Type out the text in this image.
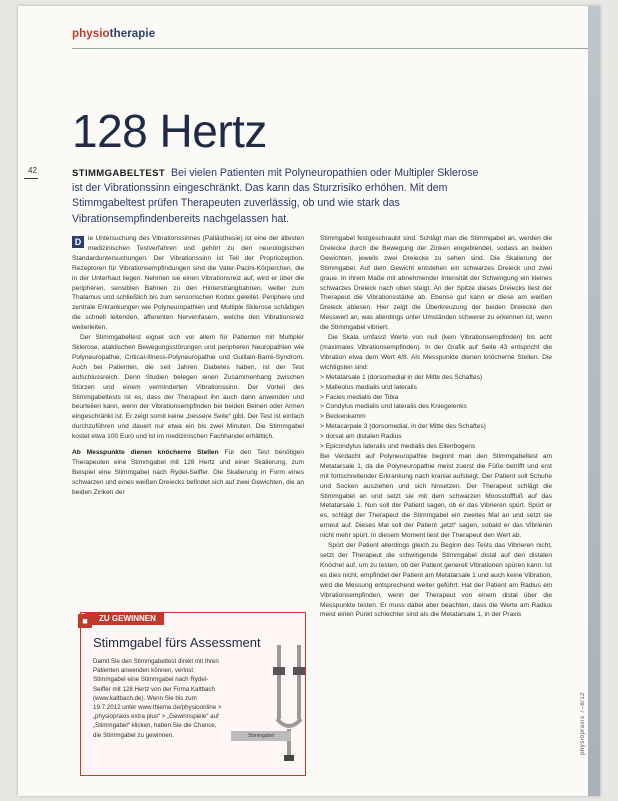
physiotherapie
42
128 Hertz
STIMMGABELTEST Bei vielen Patienten mit Polyneuropathien oder Multipler Sklerose ist der Vibrationssinn eingeschränkt. Das kann das Sturzrisiko erhöhen. Mit dem Stimmgabeltest prüfen Therapeuten zuverlässig, ob und wie stark das Vibrationsempfindenbereits nachgelassen hat.

D	ie Untersuchung des Vibrationssinnes (Pallästhesie) ist eine der ältesten medizinischen Testverfahren und gehört zu den neurologischen Standarduntersuchungen. Der Vibrationssinn ist Teil der Propriozeption. Rezeptoren für Vibrationsempfindungen sind die Vater-Pacini-Körperchen, die in der Unterhaut liegen. Nehmen sie einen Vibrationsreiz auf, wird er über die peripheren, sensiblen Bahnen zu den Hinterstrangbahnen, weiter zum Thalamus und schließlich bis zum sensorischen Kortex geleitet. Periphere und zentrale Erkrankungen wie Polyneuropathien und Multiple Sklerose schädigen die schnell leitenden, afferenten Nervenfasern, welche den Vibrationsreiz weiterleiten.

Der Stimmgabeltest eignet sich vor allem für Patienten mit Multipler Sklerose, ataktischen Bewegungsstörungen und peripheren Neuropathien wie Polyneuropathie, Critical-Illness-Polyneuropathie und Guillain-Barré-Syndrom. Auch bei Patienten, die seit Jahren Diabetes haben, ist der Test aufschlussreich. Denn Studien belegen einen Zusammenhang zwischen Stürzen und einem verminderten Vibrationssinn. Der Vorteil des Stimmgabeltests ist es, dass der Therapeut ihn auch dann anwenden und beurteilen kann, wenn der Vibrationsempfinden bei beiden Beinen oder Armen eingeschränkt ist. Er zeigt somit keine „bessere Seite“ gibt. Der Test ist einfach durchzuführen und dauert nur etwa ein bis zwei Minuten. Die Stimmgabel kostet etwa 100 Euro und ist im medizinischen Fachhandel erhältlich.

Ab Messpunkte dienen knöcherne Stellen Für den Test benötigen Therapeuten eine Stimmgabel mit 128 Hertz und einer Skalierung, zum Beispiel eine Stimmgabel nach Rydel-Seiffer. Die Skalierung in Form eines schwarzen und eines weißen Dreiecks befindet sich auf zwei Gewichten, die an beiden Zinken der

Stimmgabel festgeschraubt sind. Schlägt man die Stimmgabel an, werden die Dreiecke durch die Bewegung der Zinken eingeblendet, sodass an beiden Gewichten, jeweils zwei Dreiecke zu sehen sind. Die Skalierung der Stimmgabel. Auf dem Gewicht entstehen ein schwarzes Dreieck und zwei graue. In ihrem Maße mit abnehmender Intensität der Schwingung ein kleines schwarzes Dreieck nach oben steigt. An der Spitze dieses Dreiecks liest der Therapeut die Vibrationsstärke ab. Ebenso gut kann er diese am weißen Dreieck ablesen. Hier zeigt die Überkreuzung der beiden Dreiecke den Messwert an, was allerdings unter Umständen schwerer zu erkennen ist, wenn die Stimmgabel vibriert.

Die Skala umfasst Werte von null (kein Vibrationsempfinden) bis acht (maximales Vibrationsempfinden). In der Grafik auf Seite 43 entspricht die Vibration etwa dem Wert 4/8. Als Messpunkte dienen knöcherne Stellen. Die wichtigsten sind:

> Metatarsale 1 (dorsomedial in der Mitte des Schaftes)
> Malleolus medialis und lateralis
> Facies medialis der Tibia
> Condylus medialis und lateralis des Kniegelenks
> Beckenkamm
> Metacarpale 3 (dorsomedial, in der Mitte des Schaftes)
> dorsal am distalen Radius
> Epicondylus lateralis und medialis des Ellenbogens

Bei Verdacht auf Polyneuropathie beginnt man den Stimmgabeltest am Metatarsale 1, da die Polyneuropathie meist zuerst die Füße betrifft und erst mit fortschreitender Erkrankung nach kranial aufsteigt. Der Patient soll Schuhe und Socken ausziehen und sich hinsetzen. Der Therapeut schlägt die Stimmgabel an und setzt sie mit dem schwarzen Moosstofffuß auf das Metatarsale 1. Nun soll der Patient sagen, ob er das Vibrieren spürt. Spürt er es, schlägt der Therapeut die Stimmgabel ein zweites Mal an und setzt sie erneut auf. Dieses Mal soll der Patient „jetzt“ sagen, sobald er das Vibrieren nicht mehr spürt. In diesem Moment liest der Therapeut den Wert ab.

Spürt der Patient allerdings gleich zu Beginn des Tests das Vibrieren nicht, setzt der Therapeut die schwingende Stimmgabel distal auf den distalen Knöchel auf, um zu testen, ob der Patient generell Vibrationen spüren kann. Ist es dies nicht, empfindet der Patient am Metatarsale 1 und auch keine Vibration, wird die Messung entsprechend weiter geführt. Hat der Patient am Radius ein Vibrationsempfinden, wenn der Therapeut von einem distal über die Messpunkte testen. Er muss dabei aber beachten, dass die Werte am Radius meist einen Punkt schlechter sind als die Metatarsale 1, in der Praxis

■	ZU GEWINNEN
Stimmgabel fürs Assessment
Damit Sie den Stimmgabeltest direkt mit Ihren Patienten anwenden können, verlost Stimmgabel eine Stimmgabel nach Rydel-Seiffer mit 128 Hertz von der Firma Kaltbach (www.kaltbach.de). Wenn Sie bis zum 19.7.2012 unter www.thieme.de/physioonline > „physiopraxis extra plus“ > „Gewinnspiele“ auf „Stimmgabel“ klicken, haben Sie die Chance, die Stimmgabel zu gewinnen.	Stimmgabel	physiopraxis 7–8/12
